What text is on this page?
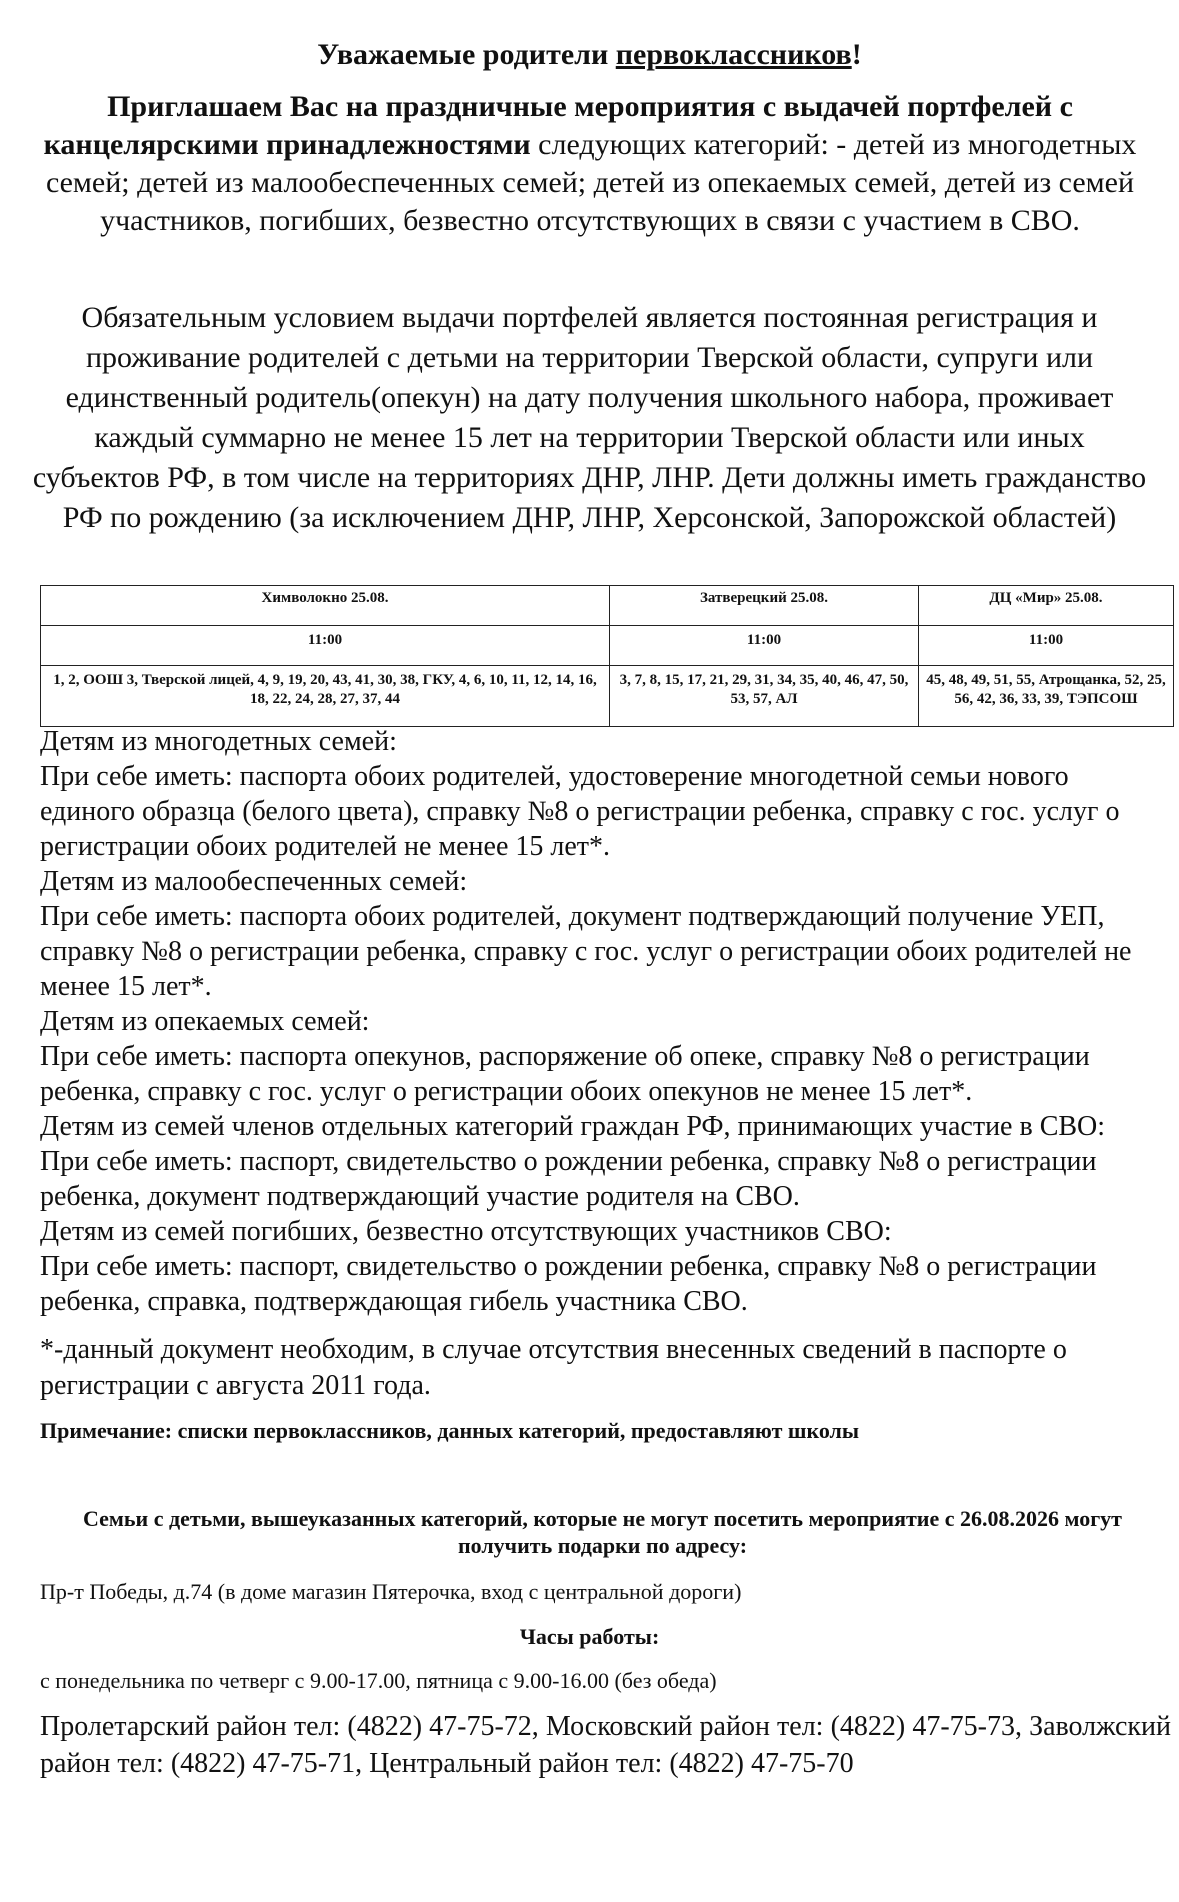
Уважаемые родители первоклассников!
Приглашаем Вас на праздничные мероприятия с выдачей портфелей с канцелярскими принадлежностями следующих категорий: - детей из многодетных семей; детей из малообеспеченных семей; детей из опекаемых семей, детей из семей участников, погибших, безвестно отсутствующих в связи с участием в СВО.
Обязательным условием выдачи портфелей является постоянная регистрация и проживание родителей с детьми на территории Тверской области, супруги или единственный родитель(опекун) на дату получения школьного набора, проживает каждый суммарно не менее 15 лет на территории Тверской области или иных субъектов РФ, в том числе на территориях ДНР, ЛНР. Дети должны иметь гражданство РФ по рождению (за исключением ДНР, ЛНР, Херсонской, Запорожской областей)
Химволокно 25.08.	Затверецкий 25.08.	ДЦ «Мир» 25.08.
11:00	11:00	11:00
1, 2, ООШ 3, Тверской лицей, 4, 9, 19, 20, 43, 41, 30, 38, ГКУ, 4, 6, 10, 11, 12, 14, 16, 18, 22, 24, 28, 27, 37, 44	3, 7, 8, 15, 17, 21, 29, 31, 34, 35, 40, 46, 47, 50, 53, 57, АЛ	45, 48, 49, 51, 55, Атрощанка, 52, 25, 56, 42, 36, 33, 39, ТЭПСОШ

Детям из многодетных семей:

При себе иметь: паспорта обоих родителей, удостоверение многодетной семьи нового единого образца (белого цвета), справку №8 о регистрации ребенка, справку с гос. услуг о регистрации обоих родителей не менее 15 лет*.

Детям из малообеспеченных семей:

При себе иметь: паспорта обоих родителей, документ подтверждающий получение УЕП, справку №8 о регистрации ребенка, справку с гос. услуг о регистрации обоих родителей не менее 15 лет*.

Детям из опекаемых семей:

При себе иметь: паспорта опекунов, распоряжение об опеке, справку №8 о регистрации ребенка, справку с гос. услуг о регистрации обоих опекунов не менее 15 лет*.

Детям из семей членов отдельных категорий граждан РФ, принимающих участие в СВО:

При себе иметь: паспорт, свидетельство о рождении ребенка, справку №8 о регистрации ребенка, документ подтверждающий участие родителя на СВО.

Детям из семей погибших, безвестно отсутствующих участников СВО:

При себе иметь: паспорт, свидетельство о рождении ребенка, справку №8 о регистрации ребенка, справка, подтверждающая гибель участника СВО.

*-данный документ необходим, в случае отсутствия внесенных сведений в паспорте о регистрации с августа 2011 года.
Примечание: списки первоклассников, данных категорий, предоставляют школы
Семьи с детьми, вышеуказанных категорий, которые не могут посетить мероприятие с 26.08.2026 могут получить подарки по адресу:
Пр-т Победы, д.74 (в доме магазин Пятерочка, вход с центральной дороги)
Часы работы:
с понедельника по четверг с 9.00-17.00, пятница с 9.00-16.00 (без обеда)
Пролетарский район тел: (4822) 47-75-72, Московский район тел: (4822) 47-75-73, Заволжский район тел: (4822) 47-75-71, Центральный район тел: (4822) 47-75-70
